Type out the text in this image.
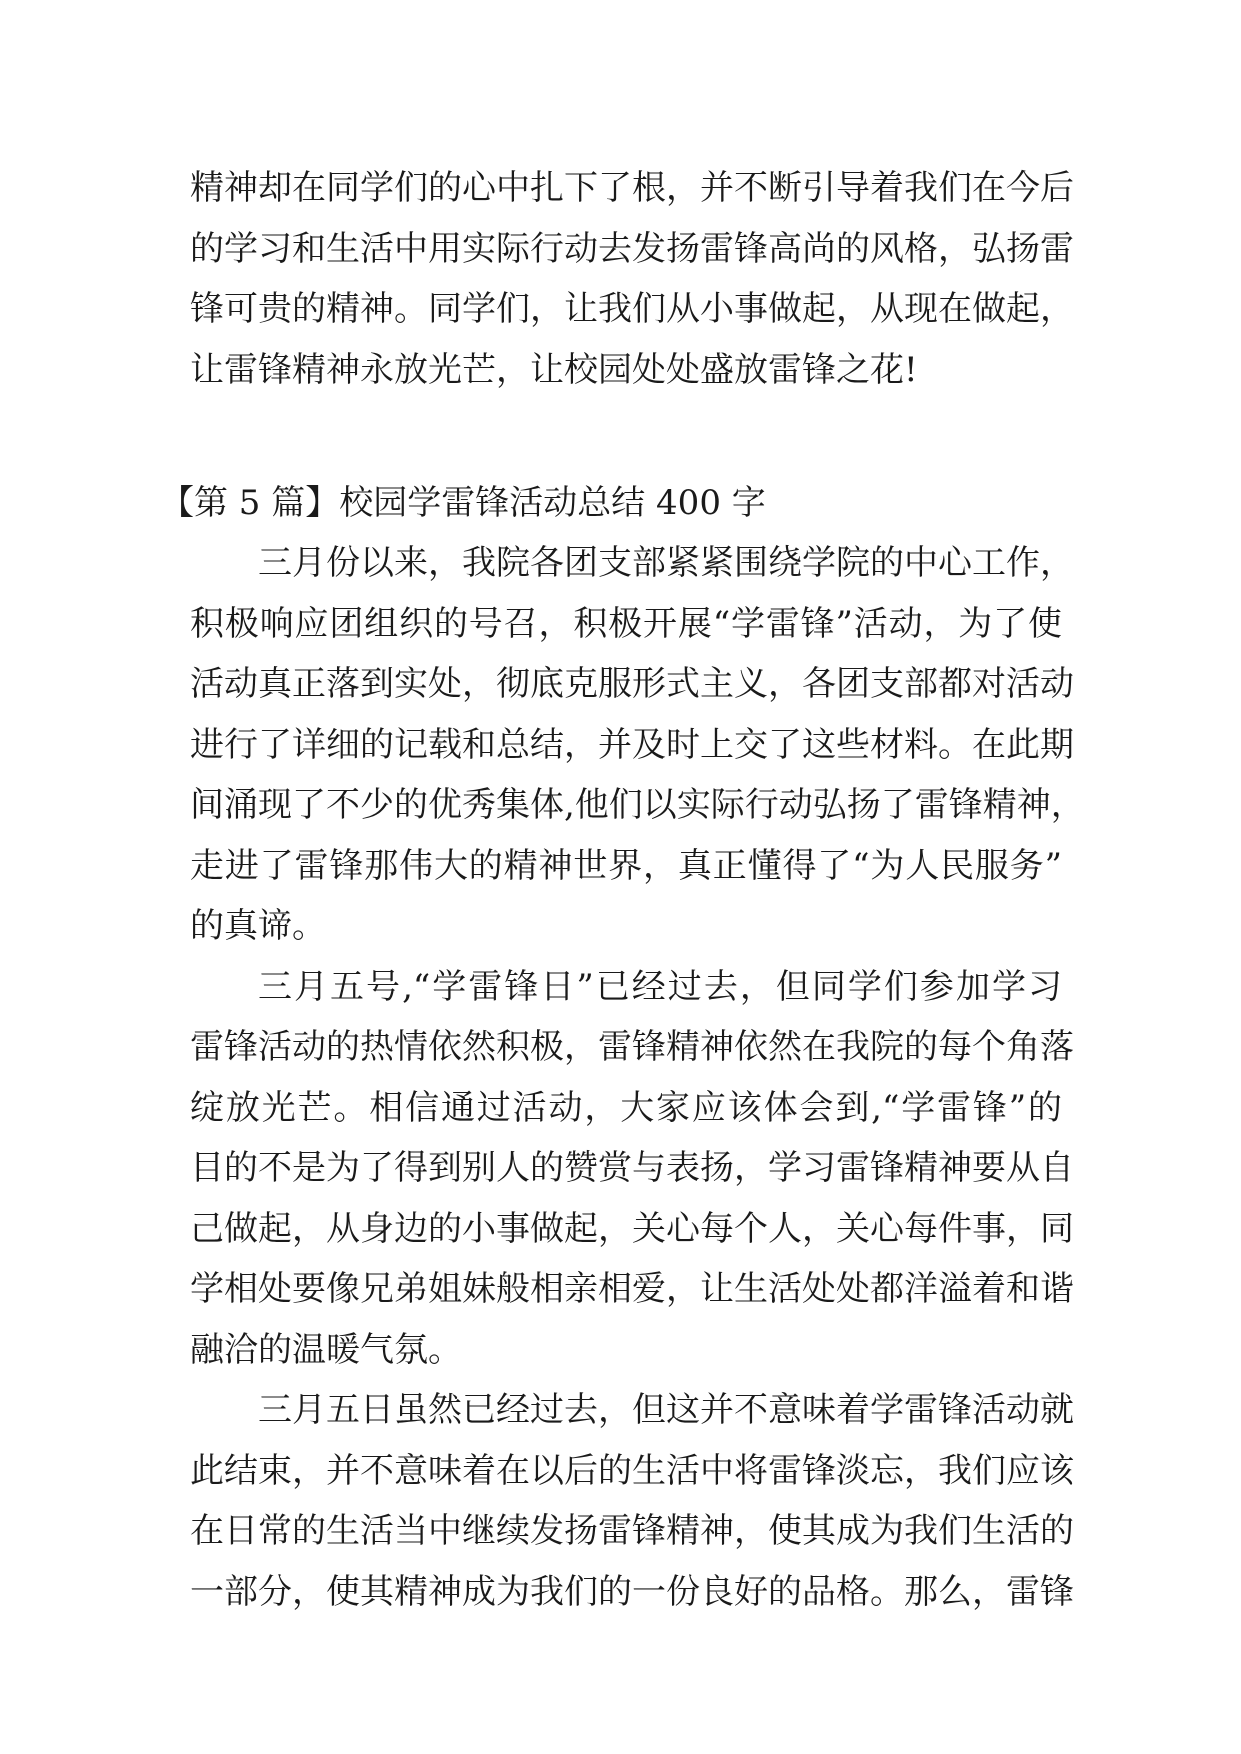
精神却在同学们的心中扎下了根，并不断引导着我们在今后
的学习和生活中用实际行动去发扬雷锋高尚的风格，弘扬雷
锋可贵的精神。同学们，让我们从小事做起，从现在做起，
让雷锋精神永放光芒，让校园处处盛放雷锋之花!
【第 5 篇】校园学雷锋活动总结 400 字
三月份以来，我院各团支部紧紧围绕学院的中心工作，
积极响应团组织的号召，积极开展“学雷锋”活动，为了使
活动真正落到实处，彻底克服形式主义，各团支部都对活动
进行了详细的记载和总结，并及时上交了这些材料。在此期
间涌现了不少的优秀集体,他们以实际行动弘扬了雷锋精神，
走进了雷锋那伟大的精神世界，真正懂得了“为人民服务”
的真谛。
三月五号,“学雷锋日”已经过去，但同学们参加学习
雷锋活动的热情依然积极，雷锋精神依然在我院的每个角落
绽放光芒。相信通过活动，大家应该体会到,“学雷锋”的
目的不是为了得到别人的赞赏与表扬，学习雷锋精神要从自
己做起，从身边的小事做起，关心每个人，关心每件事，同
学相处要像兄弟姐妹般相亲相爱，让生活处处都洋溢着和谐
融洽的温暖气氛。
三月五日虽然已经过去，但这并不意味着学雷锋活动就
此结束，并不意味着在以后的生活中将雷锋淡忘，我们应该
在日常的生活当中继续发扬雷锋精神，使其成为我们生活的
一部分，使其精神成为我们的一份良好的品格。那么，雷锋
